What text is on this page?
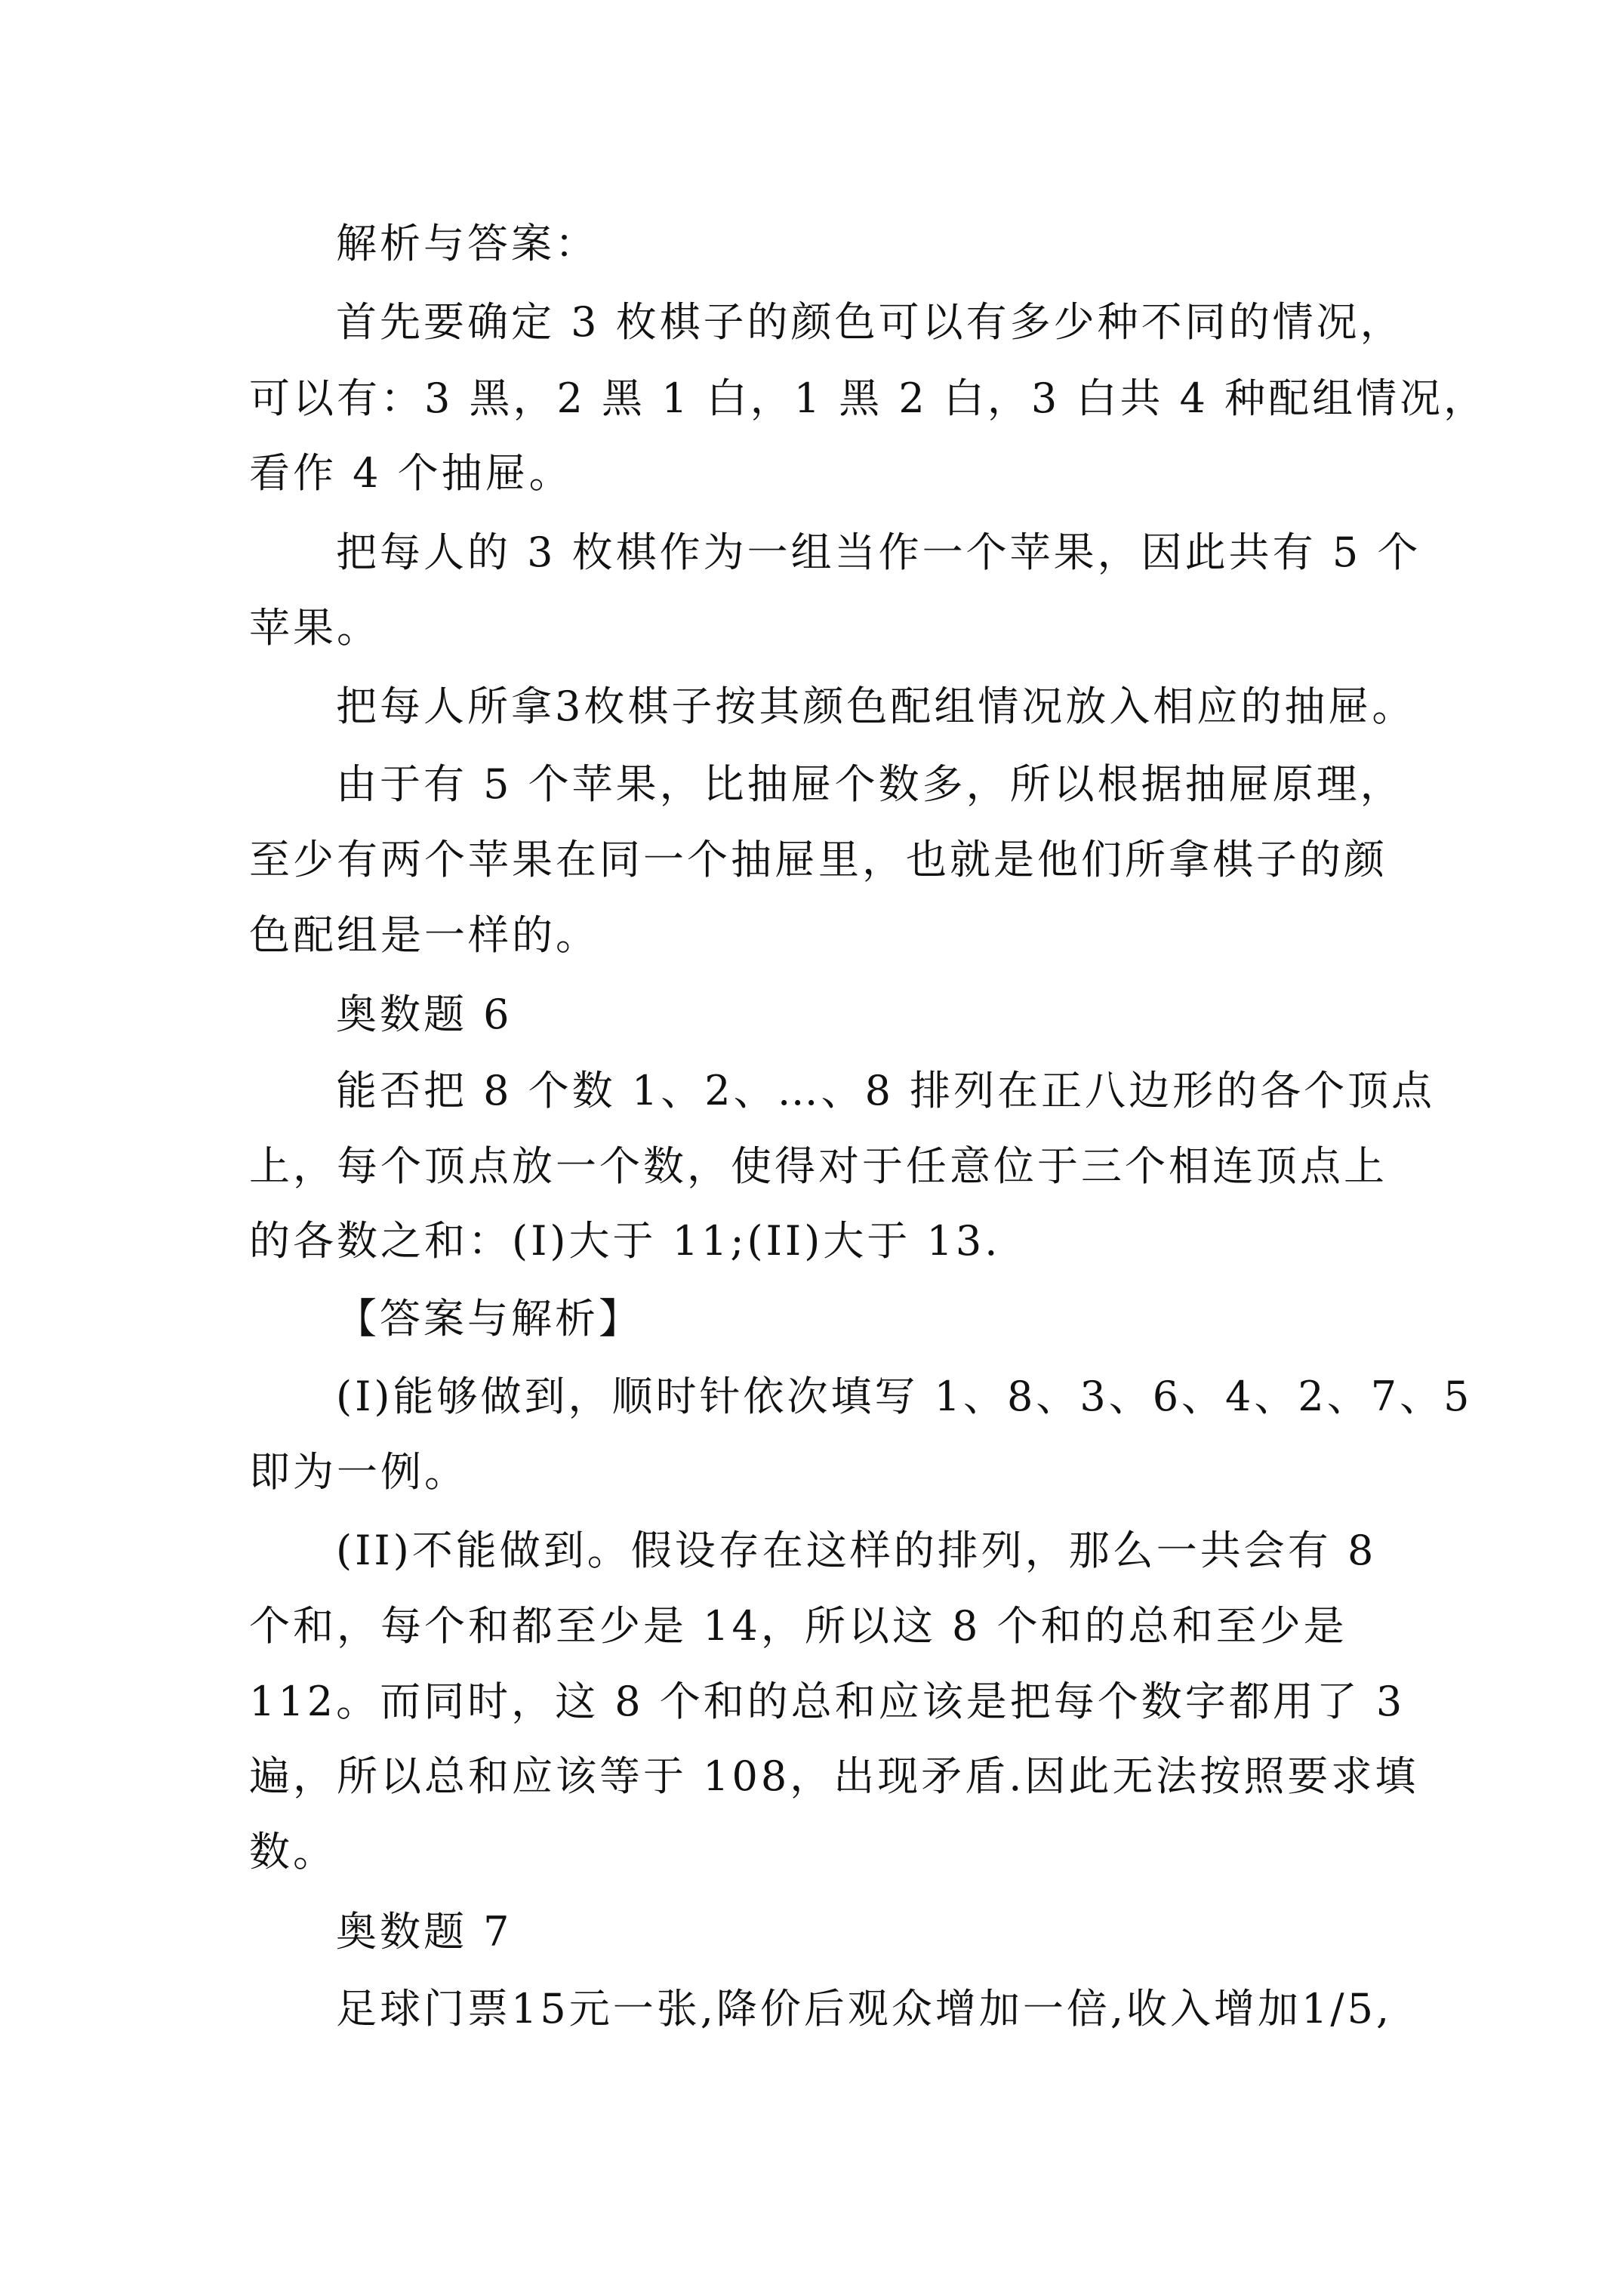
解析与答案：
首先要确定 3 枚棋子的颜色可以有多少种不同的情况，
可以有：3 黑，2 黑 1 白，1 黑 2 白，3 白共 4 种配组情况，
看作 4 个抽屉。
把每人的 3 枚棋作为一组当作一个苹果，因此共有 5 个
苹果。
把每人所拿3枚棋子按其颜色配组情况放入相应的抽屉。
由于有 5 个苹果，比抽屉个数多，所以根据抽屉原理，
至少有两个苹果在同一个抽屉里，也就是他们所拿棋子的颜
色配组是一样的。
奥数题 6
能否把 8 个数 1、2、…、8 排列在正八边形的各个顶点
上，每个顶点放一个数，使得对于任意位于三个相连顶点上
的各数之和：(I)大于 11;(II)大于 13.
【答案与解析】
(I)能够做到，顺时针依次填写 1、8、3、6、4、2、7、5
即为一例。
(II)不能做到。假设存在这样的排列，那么一共会有 8
个和，每个和都至少是 14，所以这 8 个和的总和至少是
112。而同时，这 8 个和的总和应该是把每个数字都用了 3
遍，所以总和应该等于 108，出现矛盾.因此无法按照要求填
数。
奥数题 7
足球门票15元一张,降价后观众增加一倍,收入增加1/5,
